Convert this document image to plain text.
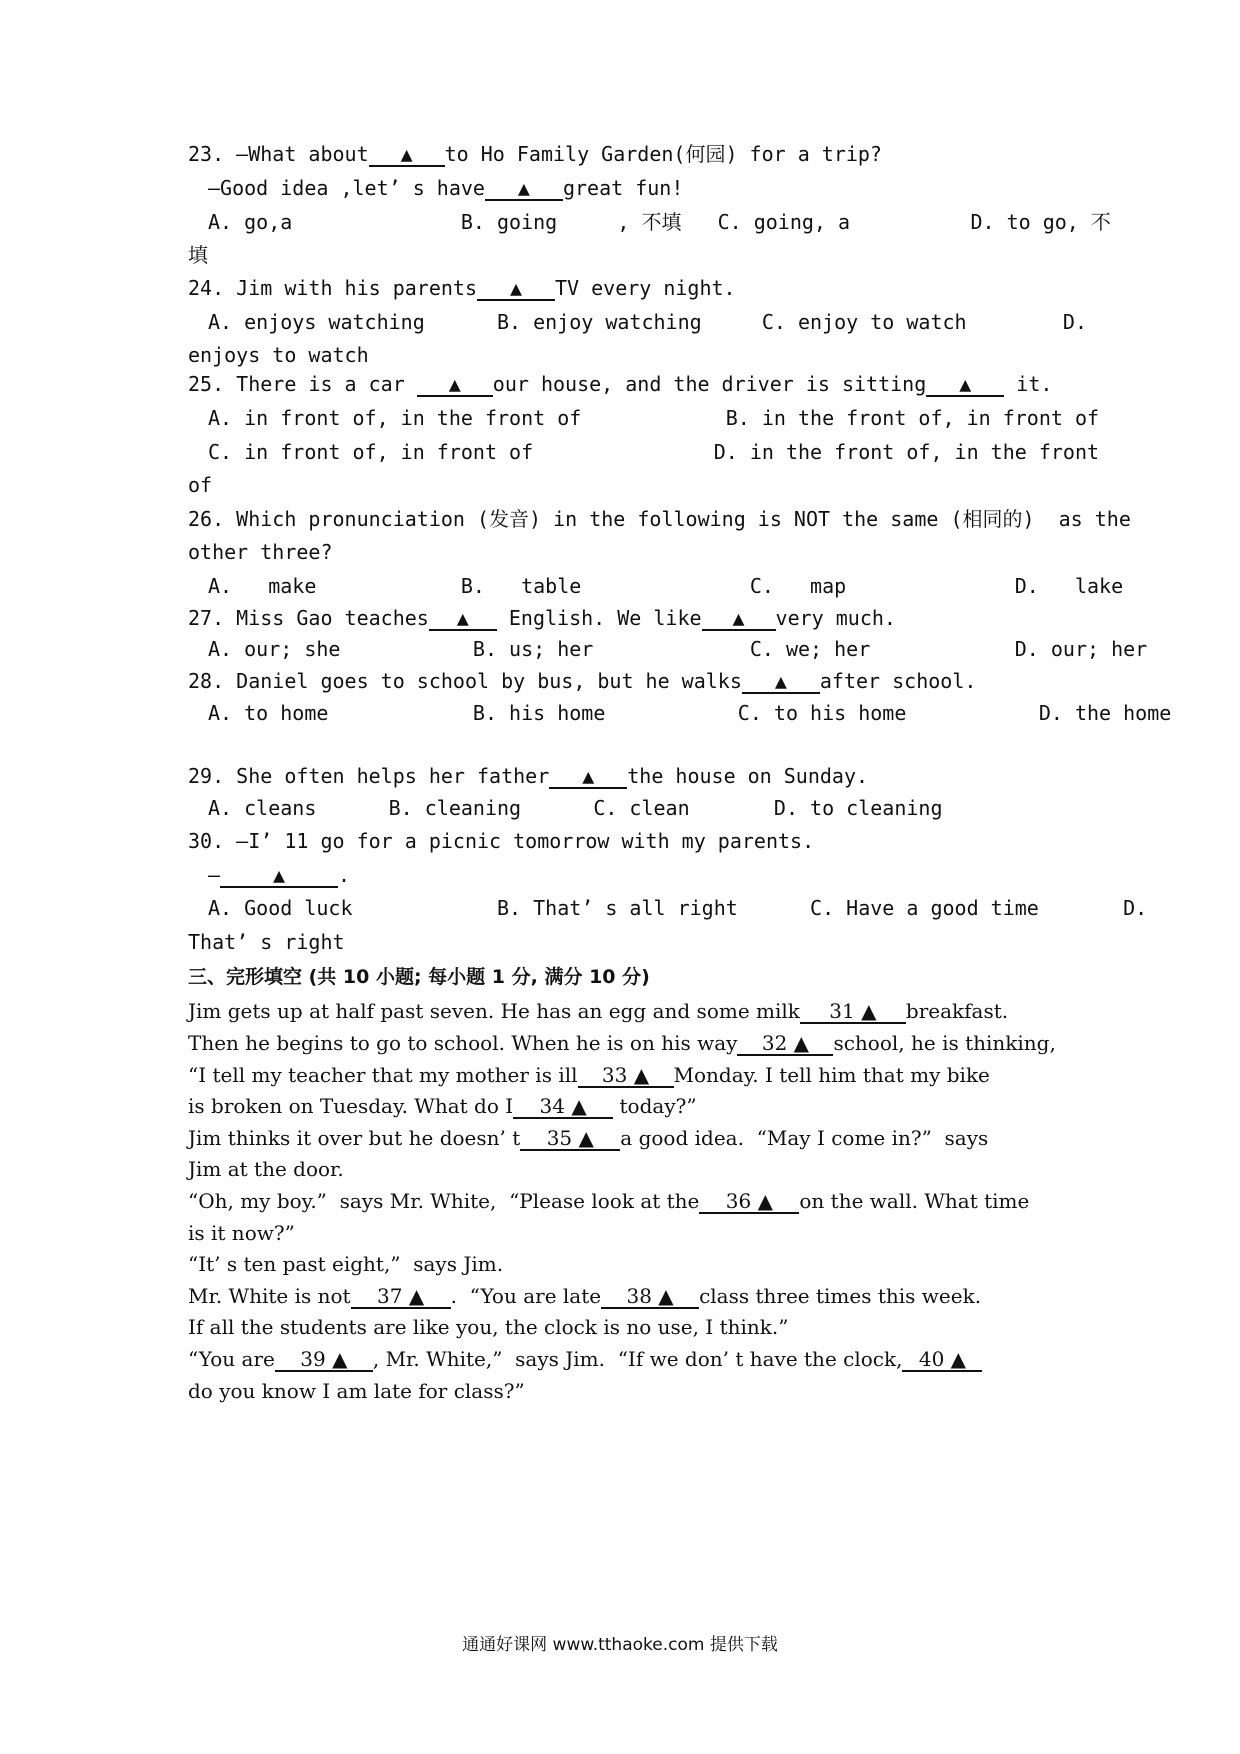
23. —What about ▲ to Ho Family Garden(何园) for a trip?
—Good idea ,let’ s have ▲ great fun!
A. go,a              B. going     , 不填   C. going, a          D. to go, 不
填
24. Jim with his parents ▲ TV every night.
A. enjoys watching      B. enjoy watching     C. enjoy to watch        D.
enjoys to watch
25. There is a car ▲ our house, and the driver is sitting ▲ it.
A. in front of, in the front of            B. in the front of, in front of
C. in front of, in front of               D. in the front of, in the front
of
26. Which pronunciation (发音) in the following is NOT the same (相同的)  as the
other three?
A.   make            B.   table              C.   map              D.   lake
27. Miss Gao teaches ▲ English. We like ▲ very much.
A. our; she           B. us; her             C. we; her            D. our; her
28. Daniel goes to school by bus, but he walks ▲ after school.
A. to home            B. his home           C. to his home           D. the home
29. She often helps her father ▲ the house on Sunday.
A. cleans      B. cleaning      C. clean       D. to cleaning
30. —I’ 11 go for a picnic tomorrow with my parents.
—	▲	.
A. Good luck            B. That’ s all right      C. Have a good time       D.
That’ s right
三、完形填空 (共 10 小题; 每小题 1 分, 满分 10 分)
Jim gets up at half past seven. He has an egg and some milk 31 ▲ breakfast.
Then he begins to go to school. When he is on his way 32 ▲ school, he is thinking,
“I tell my teacher that my mother is ill 33 ▲ Monday. I tell him that my bike
is broken on Tuesday. What do I 34 ▲ today?”
Jim thinks it over but he doesn’ t 35 ▲ a good idea.  “May I come in?”  says
Jim at the door.
“Oh, my boy.”  says Mr. White,  “Please look at the 36 ▲ on the wall. What time
is it now?”
“It’ s ten past eight,”  says Jim.
Mr. White is not 37 ▲ .  “You are late 38 ▲ class three times this week.
If all the students are like you, the clock is no use, I think.”
“You are 39 ▲ , Mr. White,”  says Jim.  “If we don’ t have the clock, 40 ▲
do you know I am late for class?”
通通好课网 www.tthaoke.com 提供下载
